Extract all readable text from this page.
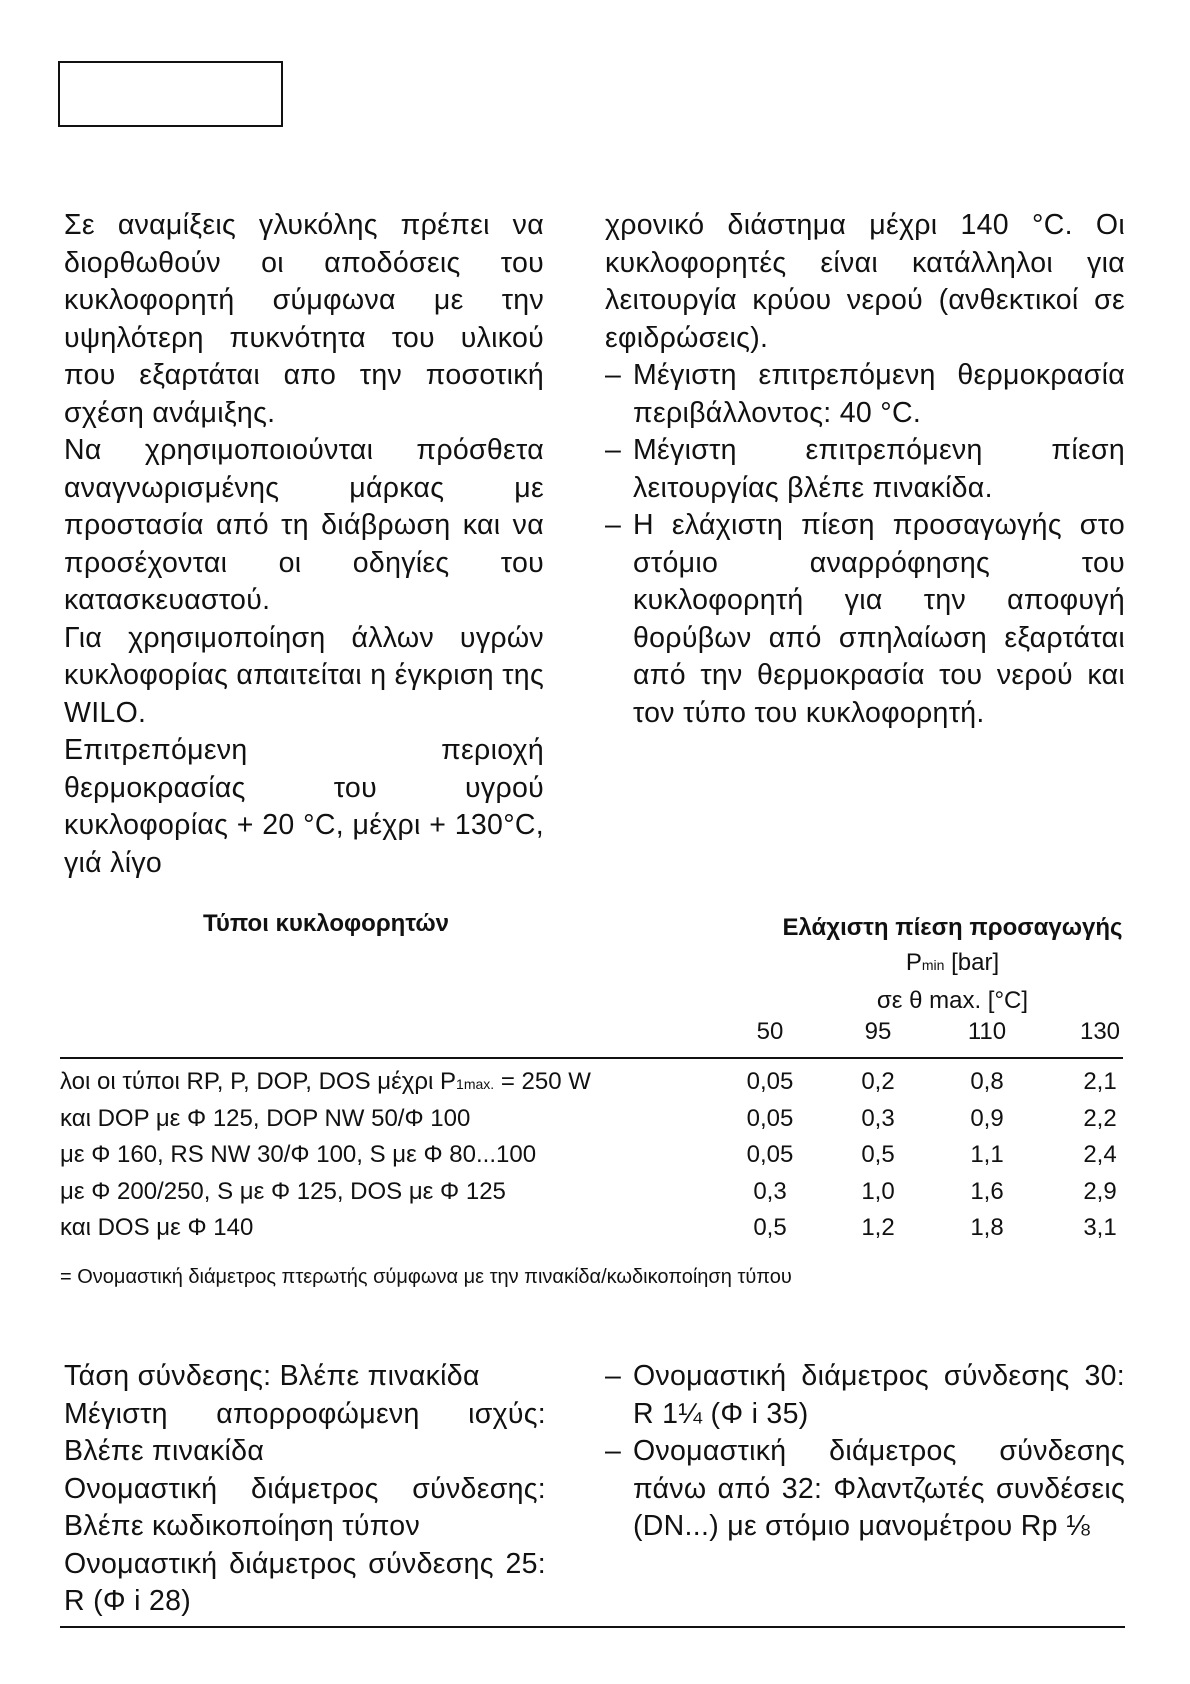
Σε αναμίξεις γλυκόλης πρέπει να διορθωθούν οι αποδόσεις του κυκλοφορητή σύμφωνα με την υψηλότερη πυκνότητα του υλικού που εξαρτάται απο την ποσοτική σχέση ανάμιξης.

Να χρησιμοποιούνται πρόσθετα αναγνωρισμένης μάρκας με προστασία από τη διάβρωση και να προσέχονται οι οδηγίες του κατασκευαστού.

Για χρησιμοποίηση άλλων υγρών κυκλοφορίας απαιτείται η έγκριση της WILO.

Επιτρεπόμενη περιοχή θερμοκρασίας του υγρού κυκλοφορίας + 20 °C, μέχρι + 130°C, γιά λίγο

χρονικό διάστημα μέχρι 140 °C. Οι κυκλοφορητές είναι κατάλληλοι για λειτουργία κρύου νερού (ανθεκτικοί σε εφιδρώσεις).

– Μέγιστη επιτρεπόμενη θερμοκρασία περιβάλλοντος: 40 °C.

– Μέγιστη επιτρεπόμενη πίεση λειτουργίας βλέπε πινακίδα.

– Η ελάχιστη πίεση προσαγωγής στο στόμιο αναρρόφησης του κυκλοφορητή για την αποφυγή θορύβων από σπηλαίωση εξαρτάται από την θερμοκρασία του νερού και τον τύπο του κυκλοφορητή.

Τύποι κυκλοφορητών	Ελάχιστη πίεση προσαγωγής
Pmin [bar]
σε θ max. [°C]
50	95	110	130
λοι οι τύποι RP, P, DOP, DOS μέχρι P1max. = 250 W	0,05	0,2	0,8	2,1
και DOP με Φ 125, DOP NW 50/Φ 100	0,05	0,3	0,9	2,2
με Φ 160, RS NW 30/Φ 100, S με Φ 80...100	0,05	0,5	1,1	2,4
με Φ 200/250, S με Φ 125, DOS με Φ 125	0,3	1,0	1,6	2,9
και DOS με Φ 140	0,5	1,2	1,8	3,1
= Ονομαστική διάμετρος πτερωτής σύμφωνα με την πινακίδα/κωδικοποίηση τύπου

Τάση σύνδεσης: Βλέπε πινακίδα

Μέγιστη απορροφώμενη ισχύς: Βλέπε πινακίδα

Ονομαστική διάμετρος σύνδεσης: Βλέπε κωδικοποίηση τύπον

Ονομαστική διάμετρος σύνδεσης 25: R (Φ i 28)

– Ονομαστική διάμετρος σύνδεσης 30: R 1¼ (Φ i 35)

– Ονομαστική διάμετρος σύνδεσης πάνω από 32: Φλαντζωτές συνδέσεις (DN...) με στόμιο μανομέτρου Rp ⅛
